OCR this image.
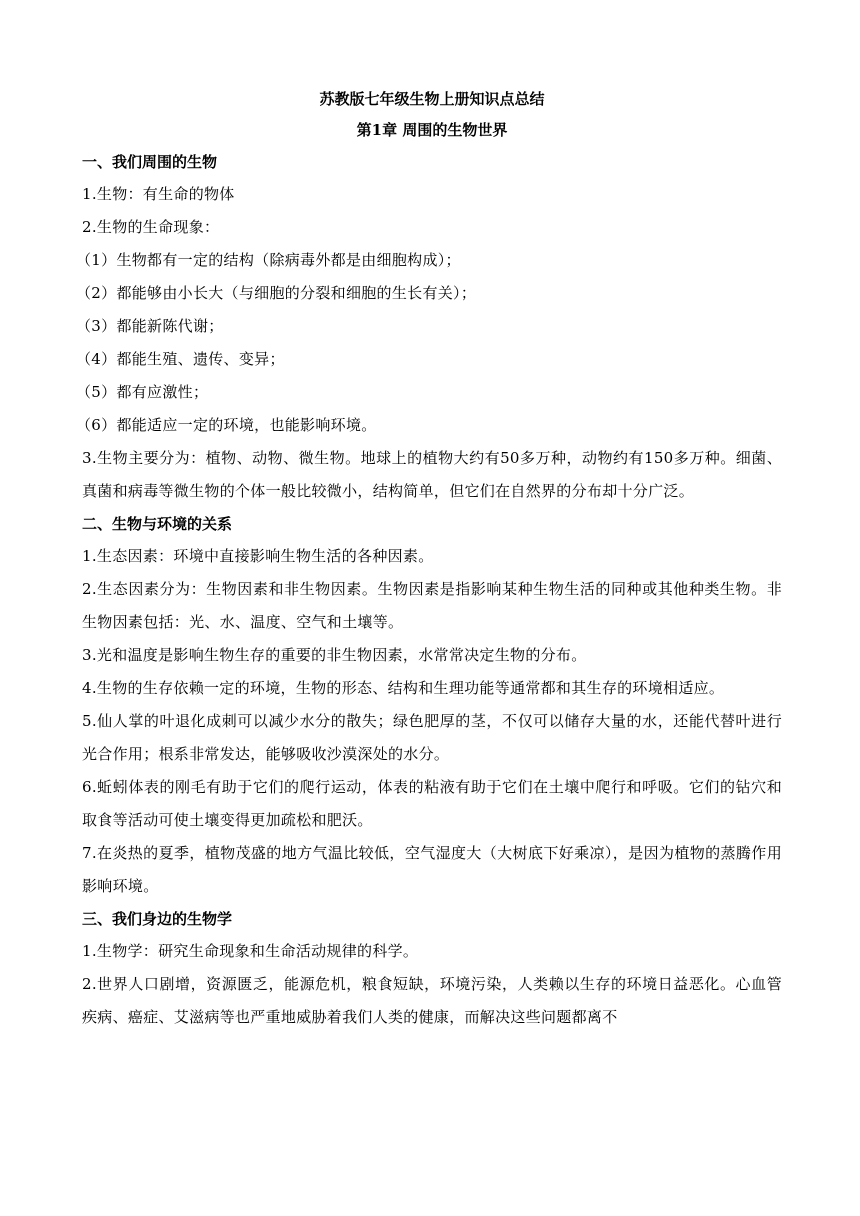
苏教版七年级生物上册知识点总结

第1章 周围的生物世界

一、我们周围的生物

1.生物：有生命的物体

2.生物的生命现象：

（1）生物都有一定的结构（除病毒外都是由细胞构成）；

（2）都能够由小长大（与细胞的分裂和细胞的生长有关）；

（3）都能新陈代谢；

（4）都能生殖、遗传、变异；

（5）都有应激性；

（6）都能适应一定的环境，也能影响环境。

3.生物主要分为：植物、动物、微生物。地球上的植物大约有50多万种，动物约有150多万种。细菌、真菌和病毒等微生物的个体一般比较微小，结构简单，但它们在自然界的分布却十分广泛。

二、生物与环境的关系

1.生态因素：环境中直接影响生物生活的各种因素。

2.生态因素分为：生物因素和非生物因素。生物因素是指影响某种生物生活的同种或其他种类生物。非生物因素包括：光、水、温度、空气和土壤等。

3.光和温度是影响生物生存的重要的非生物因素，水常常决定生物的分布。

4.生物的生存依赖一定的环境，生物的形态、结构和生理功能等通常都和其生存的环境相适应。

5.仙人掌的叶退化成刺可以减少水分的散失；绿色肥厚的茎，不仅可以储存大量的水，还能代替叶进行光合作用；根系非常发达，能够吸收沙漠深处的水分。

6.蚯蚓体表的刚毛有助于它们的爬行运动，体表的粘液有助于它们在土壤中爬行和呼吸。它们的钻穴和取食等活动可使土壤变得更加疏松和肥沃。

7.在炎热的夏季，植物茂盛的地方气温比较低，空气湿度大（大树底下好乘凉），是因为植物的蒸腾作用影响环境。

三、我们身边的生物学

1.生物学：研究生命现象和生命活动规律的科学。

2.世界人口剧增，资源匮乏，能源危机，粮食短缺，环境污染，人类赖以生存的环境日益恶化。心血管疾病、癌症、艾滋病等也严重地威胁着我们人类的健康，而解决这些问题都离不
